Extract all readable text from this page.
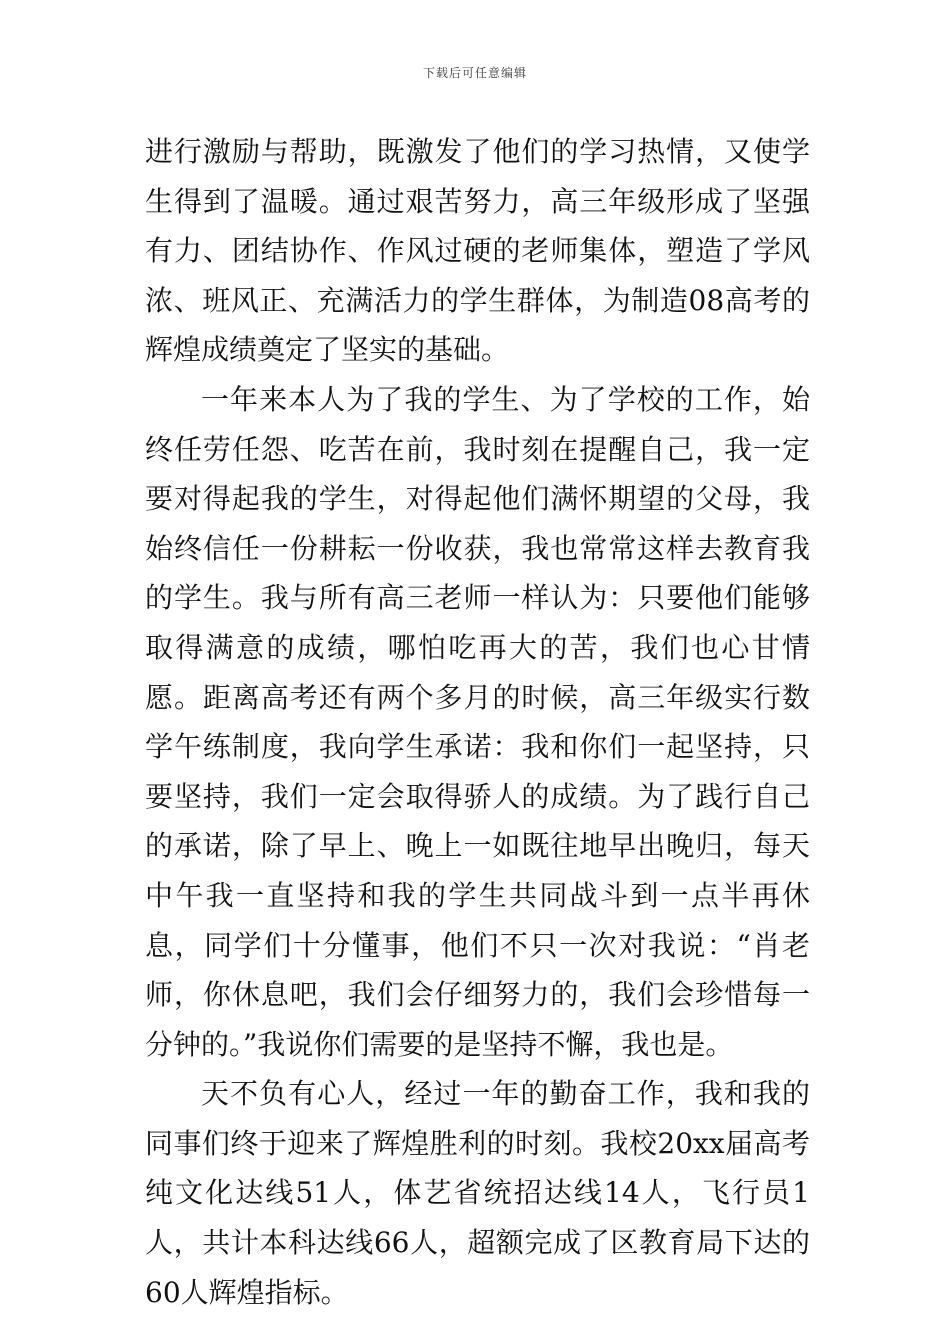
下载后可任意编辑

进行激励与帮助，既激发了他们的学习热情，又使学生得到了温暖。通过艰苦努力，高三年级形成了坚强有力、团结协作、作风过硬的老师集体，塑造了学风浓、班风正、充满活力的学生群体，为制造08高考的辉煌成绩奠定了坚实的基础。

一年来本人为了我的学生、为了学校的工作，始终任劳任怨、吃苦在前，我时刻在提醒自己，我一定要对得起我的学生，对得起他们满怀期望的父母，我始终信任一份耕耘一份收获，我也常常这样去教育我的学生。我与所有高三老师一样认为：只要他们能够取得满意的成绩，哪怕吃再大的苦，我们也心甘情愿。距离高考还有两个多月的时候，高三年级实行数学午练制度，我向学生承诺：我和你们一起坚持，只要坚持，我们一定会取得骄人的成绩。为了践行自己的承诺，除了早上、晚上一如既往地早出晚归，每天中午我一直坚持和我的学生共同战斗到一点半再休息，同学们十分懂事，他们不只一次对我说：“肖老师，你休息吧，我们会仔细努力的，我们会珍惜每一分钟的。”我说你们需要的是坚持不懈，我也是。

天不负有心人，经过一年的勤奋工作，我和我的同事们终于迎来了辉煌胜利的时刻。我校20xx届高考纯文化达线51人，体艺省统招达线14人，飞行员1人，共计本科达线66人，超额完成了区教育局下达的60人辉煌指标。
